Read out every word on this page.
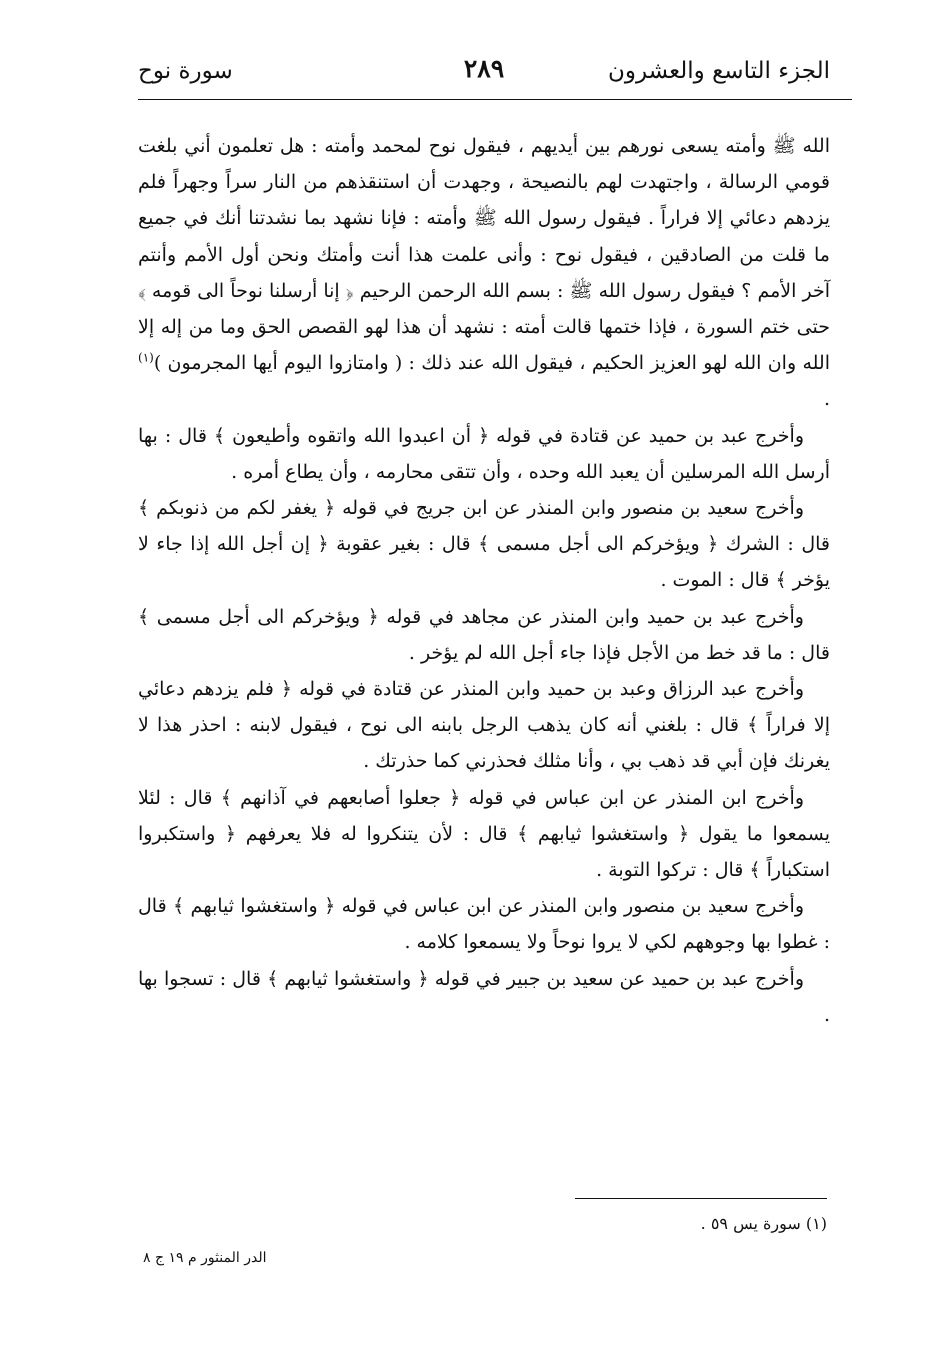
الجزء التاسع والعشرون
٢٨٩
سورة نوح

الله ﷺ وأمته يسعى نورهم بين أيديهم ، فيقول نوح لمحمد وأمته : هل تعلمون أني بلغت قومي الرسالة ، واجتهدت لهم بالنصيحة ، وجهدت أن استنقذهم من النار سراً وجهراً فلم يزدهم دعائي إلا فراراً . فيقول رسول الله ﷺ وأمته : فإنا نشهد بما نشدتنا أنك في جميع ما قلت من الصادقين ، فيقول نوح : وأنى علمت هذا أنت وأمتك ونحن أول الأمم وأنتم آخر الأمم ؟ فيقول رسول الله ﷺ : بسم الله الرحمن الرحيم ﴿ إنا أرسلنا نوحاً الى قومه ﴾ حتى ختم السورة ، فإذا ختمها قالت أمته : نشهد أن هذا لهو القصص الحق وما من إله إلا الله وان الله لهو العزيز الحكيم ، فيقول الله عند ذلك : ( وامتازوا اليوم أيها المجرمون )$^{(١)}$ .

وأخرج عبد بن حميد عن قتادة في قوله ﴿ أن اعبدوا الله واتقوه وأطيعون ﴾ قال : بها أرسل الله المرسلين أن يعبد الله وحده ، وأن تتقى محارمه ، وأن يطاع أمره .

وأخرج سعيد بن منصور وابن المنذر عن ابن جريج في قوله ﴿ يغفر لكم من ذنوبكم ﴾ قال : الشرك ﴿ ويؤخركم الى أجل مسمى ﴾ قال : بغير عقوبة ﴿ إن أجل الله إذا جاء لا يؤخر ﴾ قال : الموت .

وأخرج عبد بن حميد وابن المنذر عن مجاهد في قوله ﴿ ويؤخركم الى أجل مسمى ﴾ قال : ما قد خط من الأجل فإذا جاء أجل الله لم يؤخر .

وأخرج عبد الرزاق وعبد بن حميد وابن المنذر عن قتادة في قوله ﴿ فلم يزدهم دعائي إلا فراراً ﴾ قال : بلغني أنه كان يذهب الرجل بابنه الى نوح ، فيقول لابنه : احذر هذا لا يغرنك فإن أبي قد ذهب بي ، وأنا مثلك فحذرني كما حذرتك .

وأخرج ابن المنذر عن ابن عباس في قوله ﴿ جعلوا أصابعهم في آذانهم ﴾ قال : لئلا يسمعوا ما يقول ﴿ واستغشوا ثيابهم ﴾ قال : لأن يتنكروا له فلا يعرفهم ﴿ واستكبروا استكباراً ﴾ قال : تركوا التوبة .

وأخرج سعيد بن منصور وابن المنذر عن ابن عباس في قوله ﴿ واستغشوا ثيابهم ﴾ قال : غطوا بها وجوههم لكي لا يروا نوحاً ولا يسمعوا كلامه .

وأخرج عبد بن حميد عن سعيد بن جبير في قوله ﴿ واستغشوا ثيابهم ﴾ قال : تسجوا بها .

(١) سورة يس ٥٩ .
الدر المنثور م ١٩ ج ٨
